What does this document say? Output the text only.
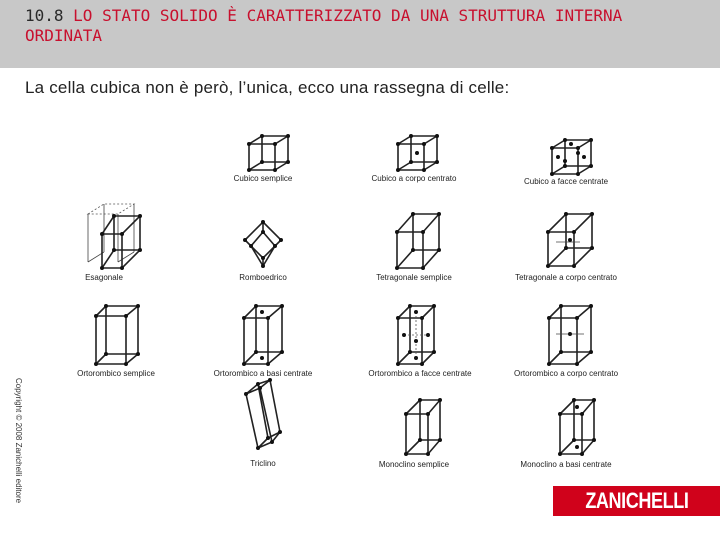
10.8 LO STATO SOLIDO È CARATTERIZZATO DA UNA STRUTTURA INTERNA ORDINATA
La cella cubica non è però, l’unica, ecco una rassegna di celle:
Cubico semplice	Cubico a corpo centrato	Cubico a facce centrate
Esagonale	Romboedrico	Tetragonale semplice	Tetragonale a corpo centrato
Ortorombico semplice	Ortorombico a basi centrate	Ortorombico a facce centrate	Ortorombico a corpo centrato
Triclino	Monoclino semplice	Monoclino a basi centrate
Copyright © 2008 Zanichelli editore	ZANICHELLI
